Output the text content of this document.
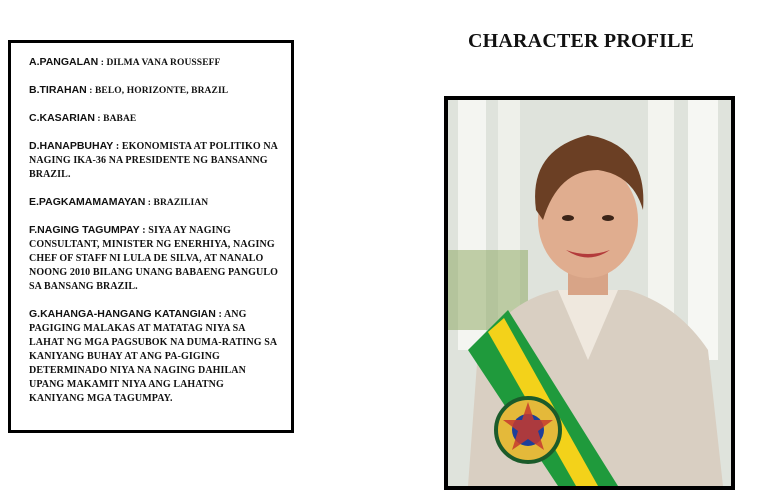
A.PANGALAN : DILMA VANA ROUSSEFF
B.TIRAHAN : BELO, HORIZONTE, BRAZIL
C.KASARIAN : BABAE
D.HANAPBUHAY : EKONOMISTA AT POLITIKO NA NAGING IKA-36 NA PRESIDENTE NG BANSANNG BRAZIL.
E.PAGKAMAMAMAYAN : BRAZILIAN
F.NAGING TAGUMPAY : SIYA AY NAGING CONSULTANT, MINISTER NG ENERHIYA, NAGING CHEF OF STAFF NI LULA DE SILVA, AT NANALO NOONG 2010 BILANG UNANG BABAENG PANGULO SA BANSANG BRAZIL.
G.KAHANGA-HANGANG KATANGIAN : ANG PAGIGING MALAKAS AT MATATAG NIYA SA LAHAT NG MGA PAGSUBOK NA DUMA-RATING SA KANIYANG BUHAY AT ANG PA-GIGING DETERMINADO NIYA NA NAGING DAHILAN UPANG MAKAMIT NIYA ANG LAHATNG KANIYANG MGA TAGUMPAY.
CHARACTER PROFILE
